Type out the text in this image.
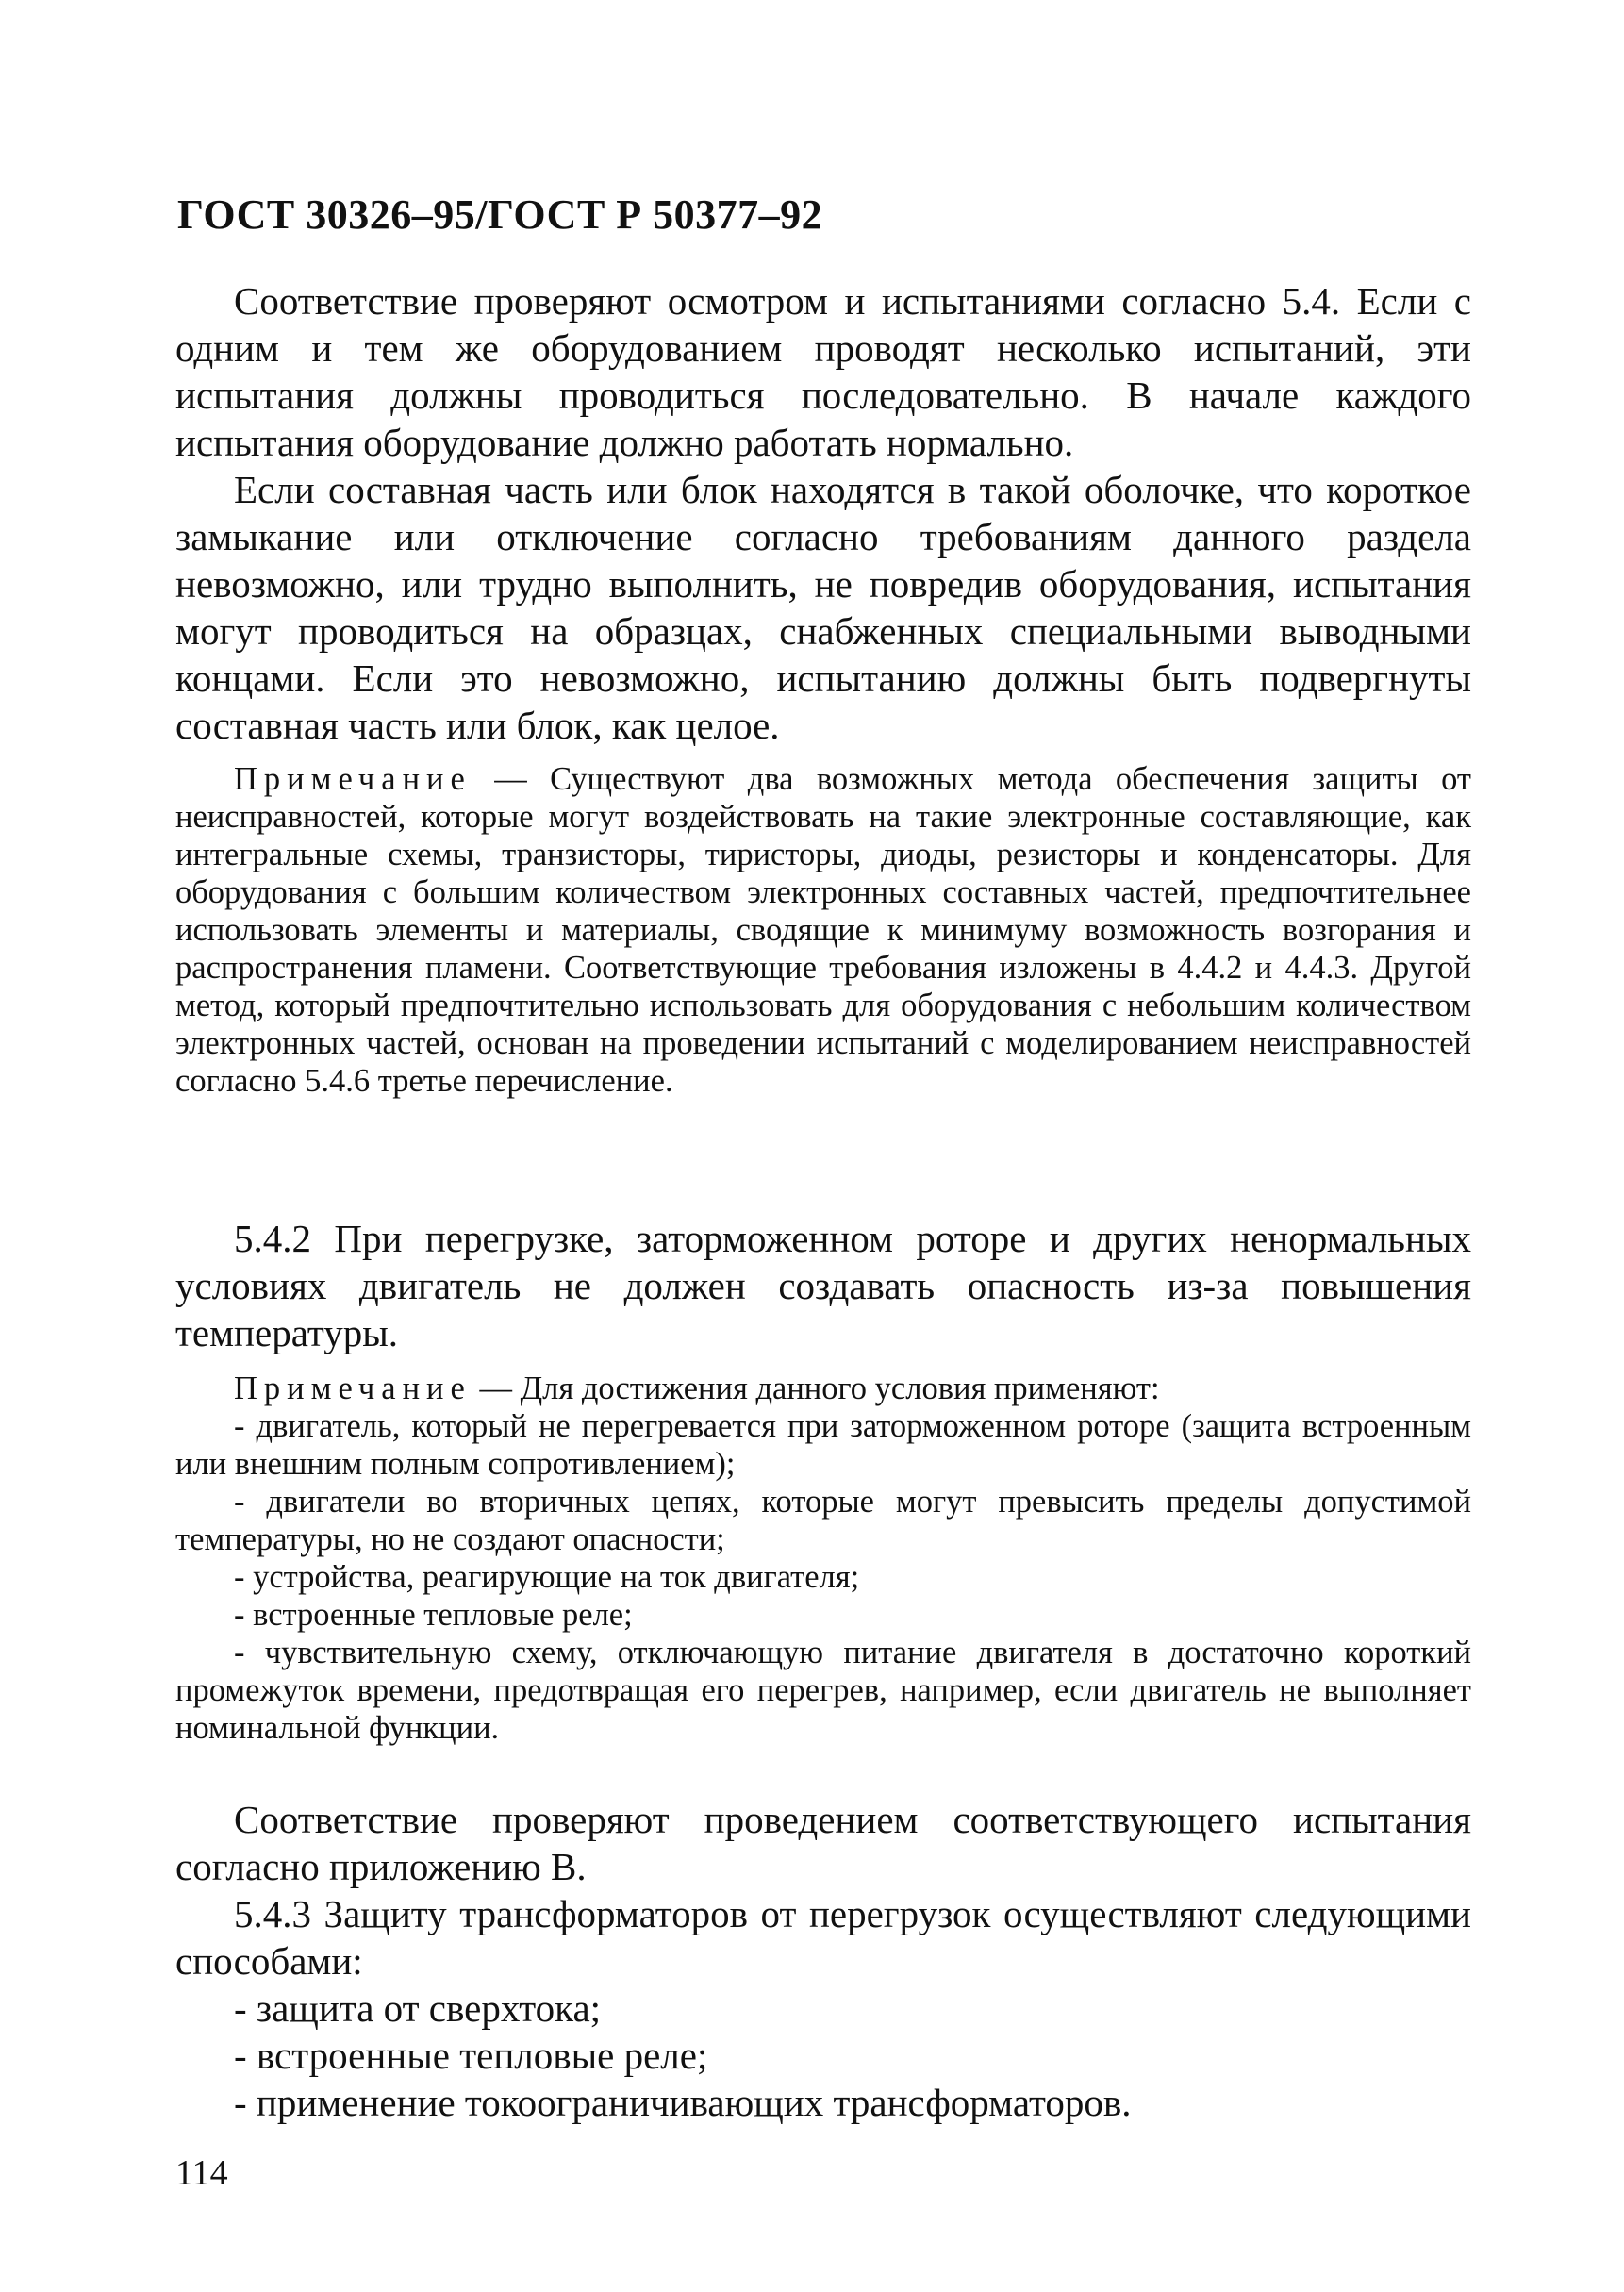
ГОСТ 30326–95/ГОСТ Р 50377–92

Соответствие проверяют осмотром и испытаниями согласно 5.4. Если с одним и тем же оборудованием проводят несколько испытаний, эти испытания должны проводиться последовательно. В начале каждого испытания оборудование должно работать нормально.

Если составная часть или блок находятся в такой оболочке, что короткое замыкание или отключение согласно требованиям данного раздела невозможно, или трудно выполнить, не повредив оборудования, испытания могут проводиться на образцах, снабженных специальными выводными концами. Если это невозможно, испытанию должны быть подвергнуты составная часть или блок, как целое.

Примечание — Существуют два возможных метода обеспечения защиты от неисправностей, которые могут воздействовать на такие электронные составляющие, как интегральные схемы, транзисторы, тиристоры, диоды, резисторы и конденсаторы. Для оборудования с большим количеством электронных составных частей, предпочтительнее использовать элементы и материалы, сводящие к минимуму возможность возгорания и распространения пламени. Соответствующие требования изложены в 4.4.2 и 4.4.3. Другой метод, который предпочтительно использовать для оборудования с небольшим количеством электронных частей, основан на проведении испытаний с моделированием неисправностей согласно 5.4.6 третье перечисление.

5.4.2 При перегрузке, заторможенном роторе и других ненормальных условиях двигатель не должен создавать опасность из-за повышения температуры.

Примечание — Для достижения данного условия применяют:
- двигатель, который не перегревается при заторможенном роторе (защита встроенным или внешним полным сопротивлением);
- двигатели во вторичных цепях, которые могут превысить пределы допустимой температуры, но не создают опасности;
- устройства, реагирующие на ток двигателя;
- встроенные тепловые реле;
- чувствительную схему, отключающую питание двигателя в достаточно короткий промежуток времени, предотвращая его перегрев, например, если двигатель не выполняет номинальной функции.

Соответствие проверяют проведением соответствующего испытания согласно приложению В.

5.4.3 Защиту трансформаторов от перегрузок осуществляют следующими способами:

- защита от сверхтока;
- встроенные тепловые реле;
- применение токоограничивающих трансформаторов.
114
